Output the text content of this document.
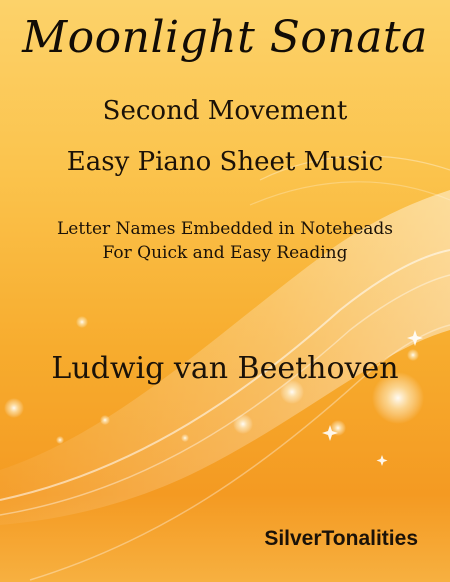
Moonlight Sonata
Second Movement
Easy Piano Sheet Music
Letter Names Embedded in Noteheads
For Quick and Easy Reading
Ludwig van Beethoven
SilverTonalities
